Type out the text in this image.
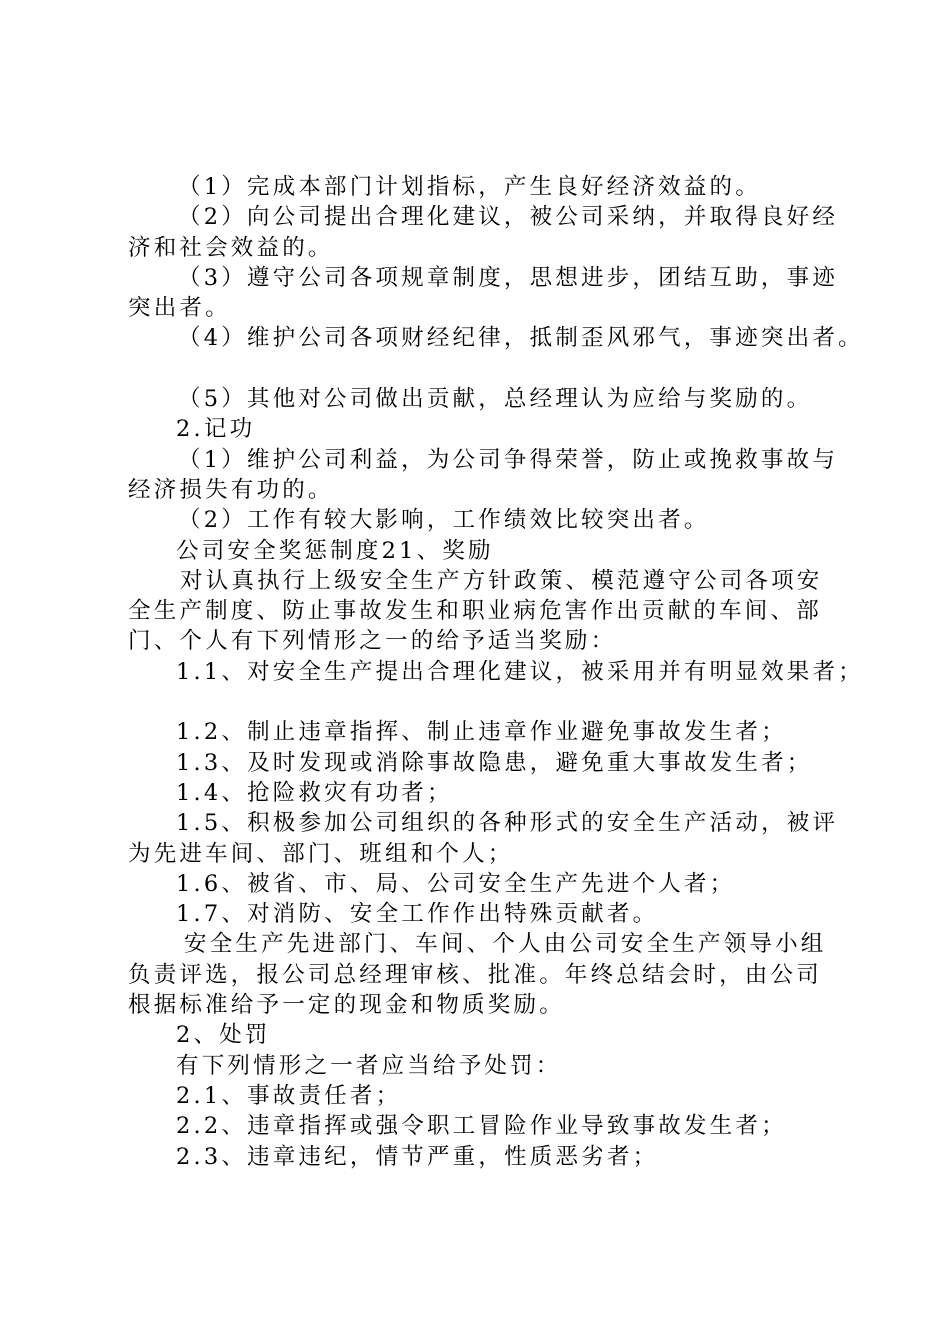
（1）完成本部门计划指标，产生良好经济效益的。
（2）向公司提出合理化建议，被公司采纳，并取得良好经
济和社会效益的。
（3）遵守公司各项规章制度，思想进步，团结互助，事迹
突出者。
（4）维护公司各项财经纪律，抵制歪风邪气，事迹突出者。
（5）其他对公司做出贡献，总经理认为应给与奖励的。
2.记功
（1）维护公司利益，为公司争得荣誉，防止或挽救事故与
经济损失有功的。
（2）工作有较大影响，工作绩效比较突出者。
公司安全奖惩制度21、奖励
对认真执行上级安全生产方针政策、模范遵守公司各项安
全生产制度、防止事故发生和职业病危害作出贡献的车间、部
门、个人有下列情形之一的给予适当奖励：
1.1、对安全生产提出合理化建议，被采用并有明显效果者；
1.2、制止违章指挥、制止违章作业避免事故发生者；
1.3、及时发现或消除事故隐患，避免重大事故发生者；
1.4、抢险救灾有功者；
1.5、积极参加公司组织的各种形式的安全生产活动，被评
为先进车间、部门、班组和个人；
1.6、被省、市、局、公司安全生产先进个人者；
1.7、对消防、安全工作作出特殊贡献者。
安全生产先进部门、车间、个人由公司安全生产领导小组
负责评选，报公司总经理审核、批准。年终总结会时，由公司
根据标准给予一定的现金和物质奖励。
2、处罚
有下列情形之一者应当给予处罚：
2.1、事故责任者；
2.2、违章指挥或强令职工冒险作业导致事故发生者；
2.3、违章违纪，情节严重，性质恶劣者；
